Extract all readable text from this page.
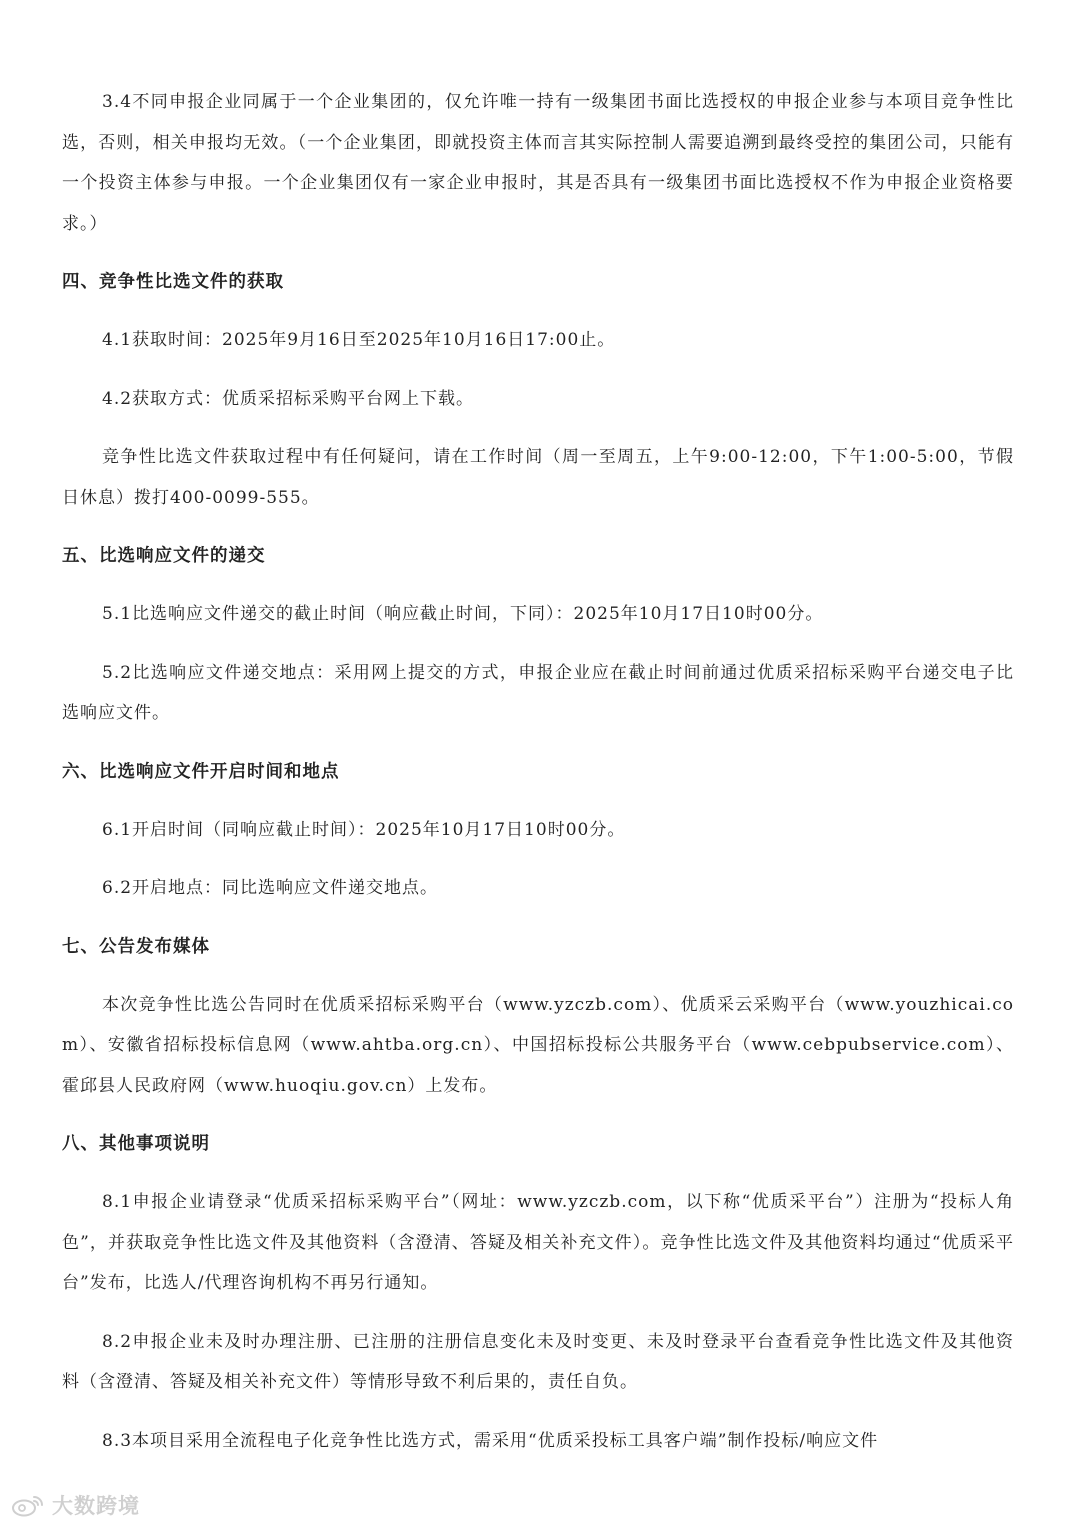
3.4不同申报企业同属于一个企业集团的，仅允许唯一持有一级集团书面比选授权的申报企业参与本项目竞争性比选，否则，相关申报均无效。（一个企业集团，即就投资主体而言其实际控制人需要追溯到最终受控的集团公司，只能有一个投资主体参与申报。一个企业集团仅有一家企业申报时，其是否具有一级集团书面比选授权不作为申报企业资格要求。）

四、竞争性比选文件的获取

4.1获取时间：2025年9月16日至2025年10月16日17:00止。

4.2获取方式：优质采招标采购平台网上下载。

竞争性比选文件获取过程中有任何疑问，请在工作时间（周一至周五，上午9:00-12:00，下午1:00-5:00，节假日休息）拨打400-0099-555。

五、比选响应文件的递交

5.1比选响应文件递交的截止时间（响应截止时间，下同）：2025年10月17日10时00分。

5.2比选响应文件递交地点：采用网上提交的方式，申报企业应在截止时间前通过优质采招标采购平台递交电子比选响应文件。

六、比选响应文件开启时间和地点

6.1开启时间（同响应截止时间）：2025年10月17日10时00分。

6.2开启地点：同比选响应文件递交地点。

七、公告发布媒体

本次竞争性比选公告同时在优质采招标采购平台（www.yzczb.com）、优质采云采购平台（www.youzhicai.com）、安徽省招标投标信息网（www.ahtba.org.cn）、中国招标投标公共服务平台（www.cebpubservice.com）、霍邱县人民政府网（www.huoqiu.gov.cn）上发布。

八、其他事项说明

8.1申报企业请登录“优质采招标采购平台”（网址：www.yzczb.com，以下称“优质采平台”）注册为“投标人角色”，并获取竞争性比选文件及其他资料（含澄清、答疑及相关补充文件）。竞争性比选文件及其他资料均通过“优质采平台”发布，比选人/代理咨询机构不再另行通知。

8.2申报企业未及时办理注册、已注册的注册信息变化未及时变更、未及时登录平台查看竞争性比选文件及其他资料（含澄清、答疑及相关补充文件）等情形导致不利后果的，责任自负。

8.3本项目采用全流程电子化竞争性比选方式，需采用“优质采投标工具客户端”制作投标/响应文件

大数跨境
